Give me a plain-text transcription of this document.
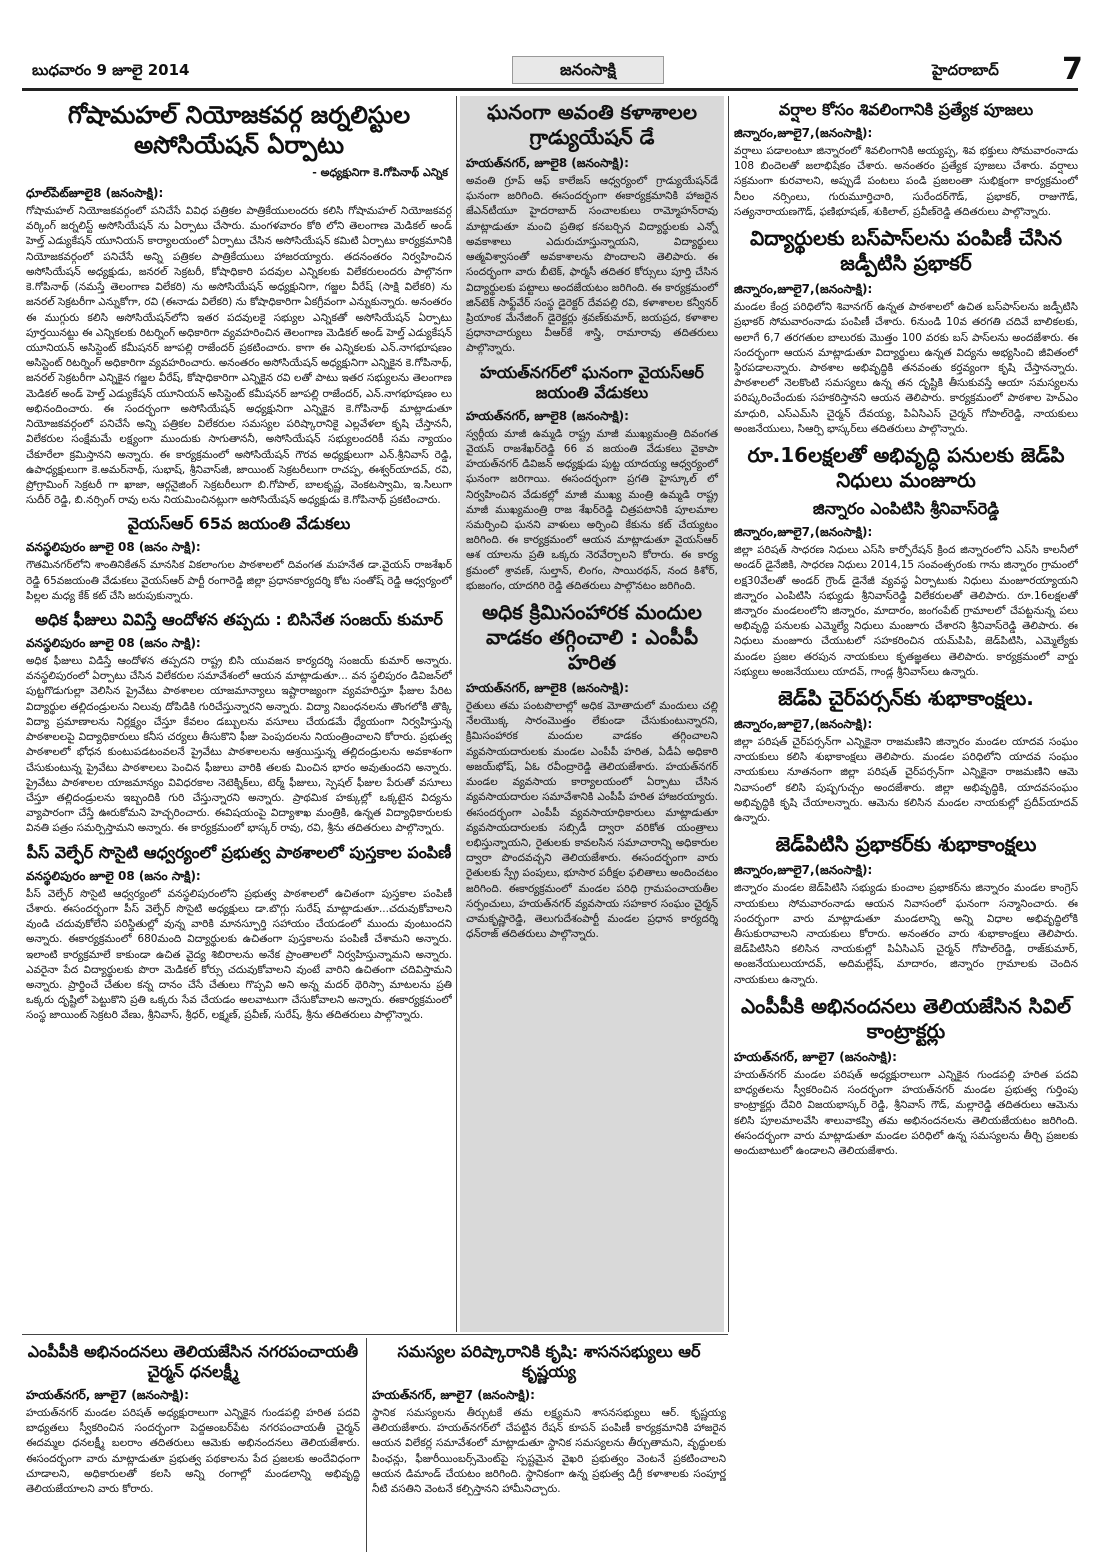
బుధవారం 9 జూలై 2014	జనంసాక్షి	హైదరాబాద్ 7
గోషామహల్ నియోజకవర్గ జర్నలిస్టుల అసోసియేషన్ ఏర్పాటు
- అధ్యక్షునిగా కె.గోపినాథ్ ఎన్నిక
ధూల్‌పేట్‌జూలై8 (జనంసాక్షి):
గోషామహల్ నియోజకవర్గంలో పనిచేసే వివిధ పత్రికల పాత్రికేయులందరు కలిసి గోషామహల్ నియోజకవర్గ వర్కింగ్ జర్నలిస్ట్ అసోసియేషన్ ను ఏర్పాటు చేసారు. మంగళవారం కోఠి లోని తెలంగాణ మెడికల్ అండ్ హెల్త్ ఎడ్యుకేషన్ యూనియన్ కార్యాలయంలో ఏర్పాటు చేసిన అసోసియేషన్ కమిటి ఏర్పాటు కార్యక్రమానికి నియోజకవర్గంలో పనిచేసే అన్ని పత్రికల పాత్రికేయులు హాజరయ్యారు. తదనంతరం నిర్వహించిన అసోసియేషన్ అధ్యక్షుడు, జనరల్ సెక్రటరీ, కోషాధికారి పదవుల ఎన్నికలకు విలేకరులందరు పాల్గొనగా కె.గోపినాథ్ (నమస్తే తెలంగాణ విలేకరి) ను అసోసియేషన్ అధ్యక్షునిగా, గజ్జల వీరేష్ (సాక్షి విలేకరి) ను జనరల్ సెక్రటరీగా ఎన్నుకోగా, రవి (ఈనాడు విలేకరి) ను కోషాధికారిగా ఏకగ్రీవంగా ఎన్నుకున్నారు. అనంతరం ఈ ముగ్గురు కలిసి అసోసియేషన్‌లోని ఇతర పదవులకై సభ్యుల ఎన్నికతో అసోసియేషన్ ఏర్పాటు పూర్తయినట్టు ఈ ఎన్నికలకు రిటర్నింగ్ అధికారిగా వ్యవహరించిన తెలంగాణ మెడికల్ అండ్ హెల్త్ ఎడ్యుకేషన్ యూనియన్ అసిస్టెంట్ కమీషనర్ జూపల్లి రాజేందర్ ప్రకటించారు. కాగా ఈ ఎన్నికలకు ఎన్.నాగభూషణం అసిస్టెంట్ రిటర్నింగ్ అధికారిగా వ్యవహరించారు. అనంతరం అసోసియేషన్ అధ్యక్షునిగా ఎన్నికైన కె.గోపినాథ్, జనరల్ సెక్రటరీగా ఎన్నికైన గజ్జల వీరేష్, కోషాధికారిగా ఎన్నికైన రవి లతో పాటు ఇతర సభ్యులను తెలంగాణ మెడికల్ అండ్ హెల్త్ ఎడ్యుకేషన్ యూనియన్ అసిస్టెంట్ కమీషనర్ జూపల్లి రాజేందర్, ఎన్.నాగభూషణం లు అభినందించారు. ఈ సందర్భంగా అసోసియేషన్ అధ్యక్షునిగా ఎన్నికైన కె.గోపినాథ్ మాట్లాడుతూ నియోజకవర్గంలో పనిచేసే అన్ని పత్రికల విలేకరుల సమస్యల పరిష్కారానికై ఎల్లవేళలా కృషి చేస్తాననీ, విలేకరుల సంక్షేమమే లక్ష్యంగా ముందుకు సాగుతాననీ, అసోసియేషన్ సభ్యులందరికీ సమ న్యాయం చేకూరేలా క్రమిస్తానని అన్నారు. ఈ కార్యక్రమంలో అసోసియేషన్ గౌరవ అధ్యక్షులుగా ఎన్.శ్రీనివాస్ రెడ్డి, ఉపాధ్యక్షులుగా కె.అమర్‌నాథ్, సుభాష్, శ్రీనివాస్‌జీ, జాయింట్ సెక్రటరీలుగా రాచప్ప, ఈశ్వర్‌యాదవ్, రవి, ప్రోగ్రామింగ్ సెక్రటరీ గా ఖాజా, ఆర్గనైజింగ్ సెక్రటరీలుగా బి.గోపాల్, బాలకృష్ణ, వెంకటస్వామి, ఇ.సిలుగా సుదీర్ రెడ్డి, బి.నర్సింగ్ రావు లను నియమించినట్లుగా అసోసియేషన్ అధ్యక్షుడు కె.గోపినాథ్ ప్రకటించారు.
వైయస్ఆర్ 65వ జయంతి వేడుకలు
వనస్థలిపురం జూలై 08 (జనం సాక్షి):
గౌతమినగర్‌లోని శాంతినికేతన్ మానసిక వికలాంగుల పాఠశాలలో దివంగత మహనేత డా.వైయస్ రాజశేఖర్ రెడ్డి 65వజయంతి వేడుకలు వైయస్ఆర్ పార్టీ రంగారెడ్డి జిల్లా ప్రధానకార్యదర్శి కోట సంతోష్ రెడ్డి ఆధ్వర్యంలో పిల్లల మధ్య కేక్ కట్ చేసి జరుపుకున్నారు.
అధిక ఫీజులు వివిస్తే ఆందోళన తప్పదు : బిసినేత సంజయ్ కుమార్
వనస్థలిపురం జూలై 08 (జనం సాక్షి):
అధిక ఫీజులు విడిస్తే ఆందోళన తప్పదని రాష్ట్ర బిసి యువజన కార్యదర్శి సంజయ్ కుమార్ అన్నారు. వనస్థలిపురంలో ఏర్పాటు చేసిన విలేకరుల సమావేశంలో ఆయన మాట్లాడుతూ... వన స్థలిపురం డివిజన్‌లో పుట్టగొడుగుల్లా వెలిసిన ప్రైవేటు పాఠశాలల యాజమాన్యాలు ఇష్టారాజ్యంగా వ్యవహరిస్తూ ఫీజుల పేరిట విద్యార్థుల తల్లిదండ్రులను నిలువు దోపిడికి గురిచేస్తున్నారని అన్నారు. విద్యా నిబంధనలను తొంగలోకి తొక్కి విద్యా ప్రమాణాలను నిర్లక్ష్యం చేస్తూ కేవలం డబ్బులను వసూలు చేయడమే ధ్యేయంగా నిర్వహిస్తున్న పాఠశాలలపై విద్యాధికారులు కనీస చర్యలు తీసుకొని ఫీజు పెంపుదలను నియంత్రించాలని కోరారు. ప్రభుత్వ పాఠశాలలో భోధన కుంటుపడటంవలనే ప్రైవేటు పాఠశాలలను ఆశ్రయిస్తున్న తల్లిదండ్రులను అవకాశంగా చేసుకుంటున్న ప్రైవేటు పాఠశాలలు పెంచిన ఫీజులు వారికి తలకు మించిన భారం అవుతుందని అన్నారు. ప్రైవేటు పాఠశాలల యాజమాన్యం వివిధరకాల నెటెక్నిక్‌లు, టెర్మ్ ఫీజులు, స్పెషల్ ఫీజుల పేరుతో వసూలు చేస్తూ తల్లిదండ్రులను ఇబ్బందికి గురి చేస్తున్నారని అన్నారు. ప్రాథమిక హక్కుల్లో ఒక్కటైన విద్యను వ్యాపారంగా చేస్తే ఊరుకోమని హెచ్చరించారు. ఈవిషయంపై విద్యాశాఖ మంత్రికి, ఉన్నత విద్యాధికారులకు వినతి పత్రం సమర్పిస్తామని అన్నారు. ఈ కార్యక్రమంలో భాస్కర్ రావు, రవి, శ్రీను తదితరులు పాల్గొన్నారు.
పీస్ వెల్ఫేర్ సొసైటి ఆధ్వర్యంలో ప్రభుత్వ పాఠశాలలో పుస్తకాల పంపిణీ
వనస్థలిపురం జూలై 08 (జనం సాక్షి):
పీస్ వెల్ఫేర్ సొసైటి ఆధ్వర్యంలో వనస్థలిపురంలోని ప్రభుత్వ పాఠశాలలో ఉచితంగా పుస్తకాల పంపిణీ చేశారు. ఈసందర్భంగా పీస్ వెల్ఫేర్ సొసైటి అధ్యక్షులు డా.బొగ్గు సురేష్ మాట్లాడుతూ...చదువుకోవాలని వుండి చదువుకోలేని పరిస్థితుల్లో వున్న వారికి మానస్ఫూర్తి సహాయం చేయడంలో ముందు వుంటుందని అన్నారు. ఈకార్యక్రమంలో 680మంది విద్యార్థులకు ఉచితంగా పుస్తకాలను పంపిణీ చేశామని అన్నారు. ఇలాంటి కార్యక్రమాలే కాకుండా ఉచిత వైద్య శిబిరాలను అనేక ప్రాంతాలలో నిర్వహిస్తున్నామని అన్నారు. ఎవరైనా పేద విద్యార్థులకు పొరా మెడికల్ కోర్సు చదువుకోవాలని వుంటే వారిని ఉచితంగా చదివిస్తామని అన్నారు. ప్రార్థించే చేతుల కన్న దానం చేసే చేతులు గొప్పవి అని అన్న మదర్ థెరిస్సా మాటలను ప్రతి ఒక్కరు దృష్టిలో పెట్టుకొని ప్రతి ఒక్కరు సేవ చేయడం అలవాటుగా చేసుకోవాలని అన్నారు. ఈకార్యక్రమంలో సంస్థ జాయింట్ సెక్రటరి వేణు, శ్రీనివాస్, శ్రీధర్, లక్ష్మణ్, ప్రవీణ్, సురేష్, శ్రీను తదితరులు పాల్గొన్నారు.
ఘనంగా అవంతి కళాశాలల గ్రాడ్యుయేషన్ డే
హయత్‌నగర్, జూలై8 (జనంసాక్షి):
అవంతి గ్రూప్ ఆఫ్ కాలేజస్ ఆధ్వర్యంలో గ్రాడ్యుయేషన్‌డే ఘనంగా జరిగింది. ఈసందర్భంగా ఈకార్యక్రమానికి హాజరైన జేఎన్‌టీయూ హైదరాబాద్ సంచాలకులు రామ్మోహన్‌రావు మాట్లాడుతూ మంచి ప్రతిభ కనబర్చిన విద్యార్థులకు ఎన్నో అవకాశాలు ఎదురుచూస్తున్నాయని, విద్యార్థులు ఆత్మవిశ్వాసంతో అవకాశాలను పొందాలని తెలిపారు. ఈ సందర్భంగా వారు బీటెక్, ఫార్మసీ తదితర కోర్సులు పూర్తి చేసిన విద్యార్థులకు పట్టాలు అందజేయటం జరిగింది. ఈ కార్యక్రమంలో జిన్‌టెక్ సాఫ్ట్‌వేర్ సంస్థ డైరెక్టర్ దేవపల్లి రవి, కళాశాలల కన్వీనర్ ప్రియాంక మేనేజింగ్ డైరెక్టర్లు శ్రవణ్‌కుమార్, జయప్రద, కళాశాల ప్రధానాచార్యులు వీఆర్‌కే శాస్త్రి, రామారావు తదితరులు పాల్గొన్నారు.
హయత్‌నగర్‌లో ఘనంగా వైయస్ఆర్ జయంతి వేడుకలు
హయత్‌నగర్, జూలై8 (జనంసాక్షి):
స్వర్గీయ మాజీ ఉమ్మడి రాష్ట్ర మాజీ ముఖ్యమంత్రి దివంగత వైయస్ రాజశేఖర్‌రెడ్డి 66 వ జయంతి వేడుకలు వైకాపా హయత్‌నగర్ డివిజన్ అధ్యక్షుడు పుట్ట యాదయ్య ఆధ్వర్యంలో ఘనంగా జరిగాయి. ఈసందర్భంగా ప్రగతి హైస్కూల్ లో నిర్వహించిన వేడుకల్లో మాజీ ముఖ్య మంత్రి ఉమ్మడి రాష్ట్ర మాజీ ముఖ్యమంత్రి రాజ శేఖర్‌రెడ్డి చిత్రపటానికి పూలమాల సమర్పించి ఘనని వాళులు అర్పించి కేకును కట్ చేయ్యటం జరిగింది. ఈ కార్యక్రమంలో ఆయన మాట్లాడుతూ వైయస్ఆర్ ఆశ యాలను ప్రతి ఒక్కరు నెరవేర్చాలని కోరారు. ఈ కార్య క్రమంలో శ్రావణ్, సుల్తాన్, లింగం, సాయిరథన్, నంద కిశోర్, భుజంగం, యాదగిరి రెడ్డి తదితరులు పాల్గొనటం జరిగింది.
అధిక క్రిమిసంహారక మందుల వాడకం తగ్గించాలి : ఎంపీపీ హరిత
హయత్‌నగర్, జూలై8 (జనంసాక్షి):
రైతులు తమ పంటపొలాల్లో అధిక మోతాదులో మందులు చల్లి నేలయొక్క సారంమొత్తం లేకుండా చేసుకుంటున్నారని, క్రిమిసంహారక మందుల వాడకం తగ్గించాలని వ్యవసాయదారులకు మండల ఎంపీపీ హరిత, ఏడీఏ అధికారి అజయ్‌భోష్, ఏఓ రవీంద్రారెడ్డి తెలియజేశారు. హయత్‌నగర్ మండల వ్యవసాయ కార్యాలయంలో ఏర్పాటు చేసిన వ్యవసాయదారుల సమావేశానికి ఎంపీపీ హరిత హాజరయ్యారు. ఈసందర్భంగా ఎంపీపీ వ్యవసాయాధికారులు మాట్లాడుతూ వ్యవసాయదారులకు సబ్సిడీ ద్వారా వరికోత యంత్రాలు లభిస్తున్నాయని, రైతులకు కావలసిన సమాచారాన్ని అధికారుల ద్వారా పొందవచ్చని తెలియజేశారు. ఈసందర్భంగా వారు రైతులకు స్ప్రే పంపులు, భూసార పరీక్షల ఫలితాలు అందించటం జరిగింది. ఈకార్యక్రమంలో మండల పరిధి గ్రామపంచాయతీల సర్పంచులు, హయత్‌నగర్ వ్యవసాయ సహకార సంఘం చైర్మన్ చామకృష్ణారెడ్డి, తెలుగుదేశంపార్టీ మండల ప్రధాన కార్యదర్శి ధన్‌రాజ్ తదితరులు పాల్గొన్నారు.
వర్షాల కోసం శివలింగానికి ప్రత్యేక పూజలు
జిన్నారం,జూలై7,(జనంసాక్షి):
వర్షాలు పడాలంటూ జిన్నారంలో శివలింగానికి అయ్యప్ప, శివ భక్తులు సోమవారంనాడు 108 బిందెలతో జలాభిషేకం చేశారు. అనంతరం ప్రత్యేక పూజలు చేశారు. వర్షాలు సక్రమంగా కురవాలని, అప్పుడే పంటలు పండి ప్రజలంతా సుభిక్షంగా కార్యక్రమంలో నీలం నర్సింలు, గురుమూర్తిచారి, సురేందర్‌గౌడ్, ప్రభాకర్, రాజుగౌడ్, సత్యనారాయణగౌడ్, ఫణిభూషణ్, శుకిలాల్, ప్రవీణ్‌రెడ్డి తదితరులు పాల్గొన్నారు.
విద్యార్థులకు బస్‌పాస్‌లను పంపిణీ చేసిన జడ్పీటిసి ప్రభాకర్
జిన్నారం,జూలై7,(జనంసాక్షి):
మండల కేంద్ర పరిధిలోని శివానగర్ ఉన్నత పాఠశాలలో ఉచిత బస్‌పాస్‌లను జడ్పీటిసి ప్రభాకర్ సోమవారంనాడు పంపిణీ చేశారు. 6నుండి 10వ తరగతి చదివే బాలికలకు, అలాగే 6,7 తరగతుల బాలురకు మొత్తం 100 వరకు బస్ పాస్‌లను అందజేశారు. ఈ సందర్భంగా ఆయన మాట్లాడుతూ విద్యార్థులు ఉన్నత విద్యను అభ్యసించి జీవితంలో స్థిరపడాలన్నారు. పాఠశాల అభివృద్ధికి తనవంతు కర్తవ్యంగా కృషి చేస్తానన్నారు. పాఠశాలలో నెలకొంటి సమస్యలు ఉన్న తన దృష్టికి తీసుకువస్తే ఆయా సమస్యలను పరిష్కరించేందుకు సహకరిస్తానని ఆయన తెలిపారు. కార్యక్రమంలో పాఠశాల హెచ్‌ఎం మాధురి, ఎస్‌ఎమ్‌సి చైర్మన్ దేవయ్య, పిఏసిఎస్ చైర్మన్ గోపాల్‌రెడ్డి, నాయకులు అంజనేయులు, సిఆర్పి భాస్కర్‌లు తదితరులు పాల్గొన్నారు.
రూ.16లక్షలతో అభివృద్ధి పనులకు జెడ్‌పి నిధులు మంజూరు
జిన్నారం ఎంపిటిసి శ్రీనివాస్‌రెడ్డి
జిన్నారం,జూలై7,(జనంసాక్షి):
జిల్లా పరిషత్ సాధరణ నిధులు ఎస్‌సి కార్పోరేషన్ క్రింద జిన్నారంలోని ఎస్‌సి కాలనీలో అండర్ డైనేజికి, సాధరణ నిధులు 2014,15 సంవంత్సరంకు గాను జిన్నారం గ్రామంలో లక్ష30వేలతో అండర్ గ్రౌండ్ డైనేజీ వ్యవస్థ ఏర్పాటుకు నిధులు మంజూరయ్యాయని జిన్నారం ఎంపిటిసి సభ్యుడు శ్రీనివాస్‌రెడ్డి విలేకరులతో తెలిపారు. రూ.16లక్షలతో జిన్నారం మండలంలోని జిన్నారం, మాదారం, జంగంపేట్ గ్రామాలలో చేపట్టనున్న పలు అభివృద్ధి పనులకు ఎమ్మెల్యే నిధులు మంజూరు చేశారని శ్రీనివాస్‌రెడ్డి తెలిపారు. ఈ నిధులు మంజూరు చేయుటలో సహకరించిన యమ్‌పిపి, జెడ్‌పిటిసి, ఎమ్మెల్యేకు మండల ప్రజల తరపున నాయకులు కృతజ్ఞతలు తెలిపారు. కార్యక్రమంలో వార్డు సభ్యులు అంజనేయులు యాదవ్, గాండ్ల శ్రీనివాస్‌లు ఉన్నారు.
జెడ్‌పి చైర్‌పర్సన్‌కు శుభాకాంక్షలు.
జిన్నారం,జూలై7,(జనంసాక్షి):
జిల్లా పరిషత్ చైర్‌పర్సన్‌గా ఎన్నికైనా రాజమణిని జిన్నారం మండల యాదవ సంఘం నాయకులు కలిసి శుభాకాంక్షలు తెలిపారు. మండల పరిధిలోని యాదవ సంఘం నాయకులు నూతనంగా జిల్లా పరిషత్ చైర్‌పర్సన్‌గా ఎన్నికైనా రాజమణిని ఆమె నివాసంలో కలిసి పుష్పగుచ్చం అందజేశారు. జిల్లా అభివృద్ధికి, యాదవసంఘం అభివృద్ధికి కృషి చేయాలన్నారు. ఆమెను కలిసిన మండల నాయకుల్లో ప్రదీప్‌యాదవ్ ఉన్నారు.
జెడ్‌పిటిసి ప్రభాకర్‌కు శుభాకాంక్షలు
జిన్నారం,జూలై7,(జనంసాక్షి):
జిన్నారం మండల జెడ్‌పిటిసి సభ్యుడు కుంచాల ప్రభాకర్‌ను జిన్నారం మండల కాంగ్రెస్ నాయకులు సోమవారంనాడు ఆయన నివాసంలో ఘనంగా సన్మానించారు. ఈ సందర్భంగా వారు మాట్లాడుతూ మండలాన్ని అన్ని విధాల అభివృద్ధిలోకి తీసుకురావాలని నాయకులు కోరారు. అనంతరం వారు శుభాకాంక్షలు తెలిపారు. జెడ్‌పిటిసిని కలిసిన నాయకుల్లో పిఏసిఎస్ చైర్మన్ గోపాల్‌రెడ్డి, రాజ్‌కుమార్, అంజనేయులుయాదవ్, అదిమల్లేష్, మాదారం, జిన్నారం గ్రామాలకు చెందిన నాయకులు ఉన్నారు.
ఎంపీపీకి అభినందనలు తెలియజేసిన సివిల్ కాంట్రాక్టర్లు
హయత్‌నగర్, జూలై7 (జనంసాక్షి):
హయత్‌నగర్ మండల పరిషత్ అధ్యక్షురాలుగా ఎన్నికైన గుండపల్లి హరిత పదవి బాధ్యతలను స్వీకరించిన సందర్భంగా హయత్‌నగర్ మండల ప్రభుత్వ గుర్తింపు కాంట్రాక్టర్లు దేవిరి విజయభాస్కర్ రెడ్డి, శ్రీనివాస్ గౌడ్, మల్లారెడ్డి తదితరులు ఆమెను కలిసి పూలమాలవేసి శాలువాకప్పి తమ అభినందనలను తెలియజేయటం జరిగింది. ఈసందర్భంగా వారు మాట్లాడుతూ మండల పరిధిలో ఉన్న సమస్యలను తీర్చి ప్రజలకు అందుబాటులో ఉండాలని తెలియజేశారు.
ఎంపీపీకి అభినందనలు తెలియజేసిన నగరపంచాయతీ చైర్మన్ ధనలక్ష్మీ
హయత్‌నగర్, జూలై7 (జనంసాక్షి):
హయత్‌నగర్ మండల పరిషత్ అధ్యక్షురాలుగా ఎన్నికైన గుండపల్లి హరిత పదవి బాధ్యతలు స్వీకరించిన సందర్భంగా పెద్దఅంబర్‌పేట నగరపంచాయతీ చైర్మన్ ఈదమ్మల ధనలక్ష్మీ బలరాం తదితరులు ఆమెకు అభినందనలు తెలియజేశారు. ఈసందర్భంగా వారు మాట్లాడుతూ ప్రభుత్వ పథకాలను పేద ప్రజలకు అందేవిధంగా చూడాలని, అధికారులతో కలసి అన్ని రంగాల్లో మండలాన్ని అభివృద్ధి తెలియజేయాలని వారు కోరారు.
సమస్యల పరిష్కారానికి కృషి: శాసనసభ్యులు ఆర్ కృష్ణయ్య
హయత్‌నగర్, జూలై7 (జనంసాక్షి):
స్థానిక సమస్యలను తీర్చుటకే తమ లక్ష్యమని శాసనసభ్యులు ఆర్. కృష్ణయ్య తెలియజేశారు. హయత్‌నగర్‌లో చేపట్టిన రేషన్ కూపన్ పంపిణీ కార్యక్రమానికి హాజరైన ఆయన విలేకర్ల సమావేశంలో మాట్లాడుతూ స్థానిక సమస్యలను తీర్చుతామని, వృద్ధులకు పింఛన్లు, ఫీజురీయింబర్స్‌మెంట్‌పై స్పష్టమైన వైఖరి ప్రభుత్వం వెంటనే ప్రకటించాలని ఆయన డిమాండ్ చేయటం జరిగింది. స్థానికంగా ఉన్న ప్రభుత్వ డిగ్రీ కళాశాలకు సంపూర్ణ నీటి వసతిని వెంటనే కల్పిస్తానని హామీనిచ్చారు.
